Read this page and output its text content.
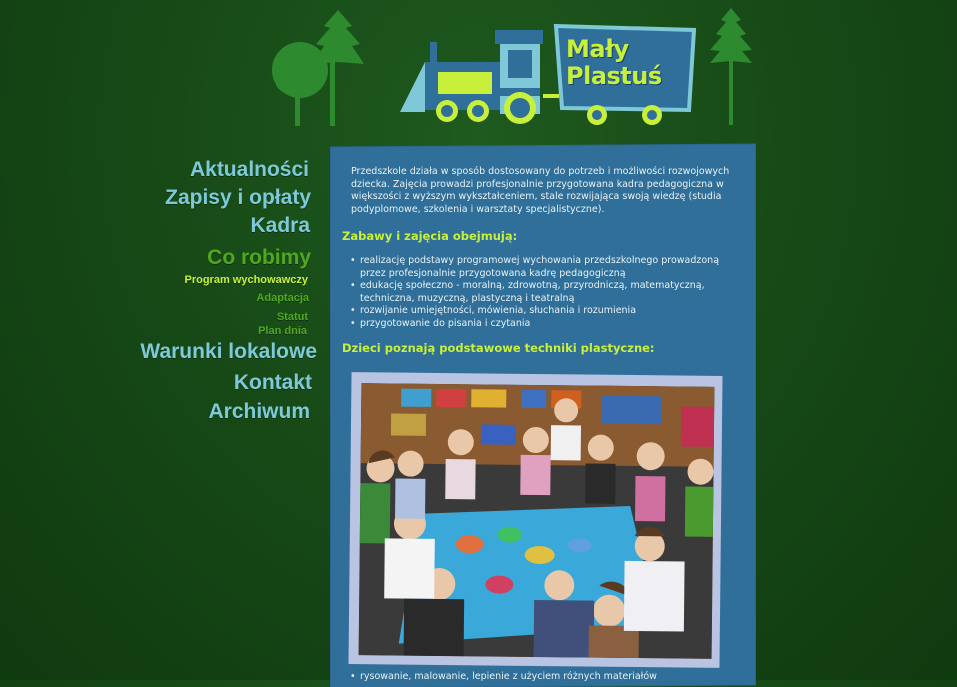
Mały
Plastuś
Aktualności
Zapisy i opłaty
Kadra
Co robimy
Program wychowawczy
Adaptacja
Statut
Plan dnia
Warunki lokalowe
Kontakt
Archiwum
Przedszkole działa w sposób dostosowany do potrzeb i możliwości rozwojowych dziecka. Zajęcia prowadzi profesjonalnie przygotowana kadra pedagogiczna w większości z wyższym wykształceniem, stale rozwijająca swoją wiedzę (studia podyplomowe, szkolenia i warsztaty specjalistyczne).
Zabawy i zajęcia obejmują:
• realizację podstawy programowej wychowania przedszkolnego prowadzoną przez profesjonalnie przygotowana kadrę pedagogiczną
• edukację społeczno - moralną, zdrowotną, przyrodniczą, matematyczną, techniczna, muzyczną, plastyczną i teatralną
• rozwijanie umiejętności, mówienia, słuchania i rozumienia
• przygotowanie do pisania i czytania
Dzieci poznają podstawowe techniki plastyczne:
• rysowanie, malowanie, lepienie z użyciem różnych materiałów
